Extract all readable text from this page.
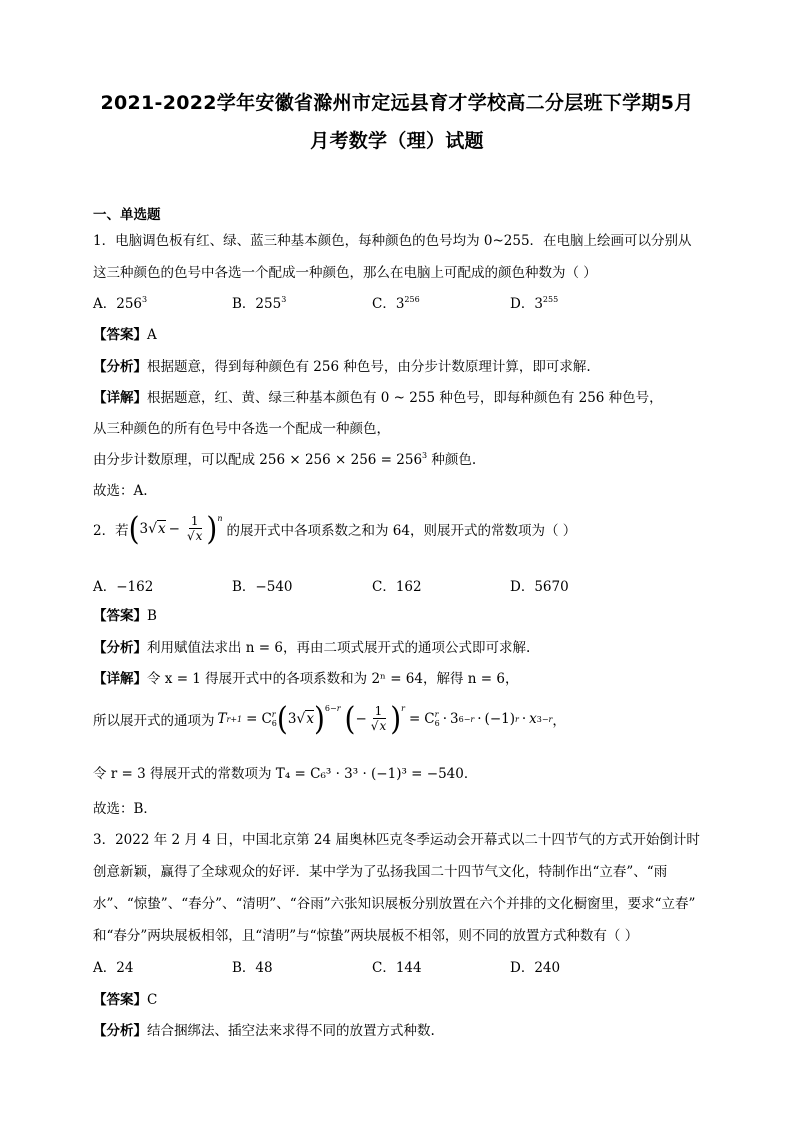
2021-2022学年安徽省滁州市定远县育才学校高二分层班下学期5月
月考数学（理）试题
一、单选题
1．电脑调色板有红、绿、蓝三种基本颜色，每种颜色的色号均为 0~255．在电脑上绘画可以分别从
这三种颜色的色号中各选一个配成一种颜色，那么在电脑上可配成的颜色种数为（ ）
A．$256^3$	B．$255^3$	C．$3^{256}$	D．$3^{255}$
【答案】A
【分析】根据题意，得到每种颜色有 256 种色号，由分步计数原理计算，即可求解.
【详解】根据题意，红、黄、绿三种基本颜色有 0 ~ 255 种色号，即每种颜色有 256 种色号，
从三种颜色的所有色号中各选一个配成一种颜色，
由分步计数原理，可以配成 $256 \times 256 \times 256 = 256^3$ 种颜色.
故选：A.
2．若 ( $3√x - \frac{1}{√x} )^n$
的展开式中各项系数之和为 64，则展开式的常数项为（ ）
A．−162	B．−540	C．162	D．5670
【答案】B
【分析】利用赋值法求出 n = 6，再由二项式展开式的通项公式即可求解.
【详解】令 x = 1 得展开式中的各项系数和为 2ⁿ = 64，解得 n = 6，
所以展开式的通项为 T r+1 = C r
6 ( 3√x )$^{6-r}$ ( − $\frac{1}{√x} )^r$
= C r
6 · 3 6−r · (−1) r · x 3−r ，
令 r = 3 得展开式的常数项为 T₄ = C₆³ · 3³ · (−1)³ = −540．
故选：B．
3．2022 年 2 月 4 日，中国北京第 24 届奥林匹克冬季运动会开幕式以二十四节气的方式开始倒计时
创意新颖，赢得了全球观众的好评．某中学为了弘扬我国二十四节气文化，特制作出“立春”、“雨
水”、“惊蛰”、“春分”、“清明”、“谷雨”六张知识展板分别放置在六个并排的文化橱窗里，要求“立春”
和“春分”两块展板相邻，且“清明”与“惊蛰”两块展板不相邻，则不同的放置方式种数有（ ）
A．24	B．48	C．144	D．240
【答案】C
【分析】结合捆绑法、插空法来求得不同的放置方式种数.
